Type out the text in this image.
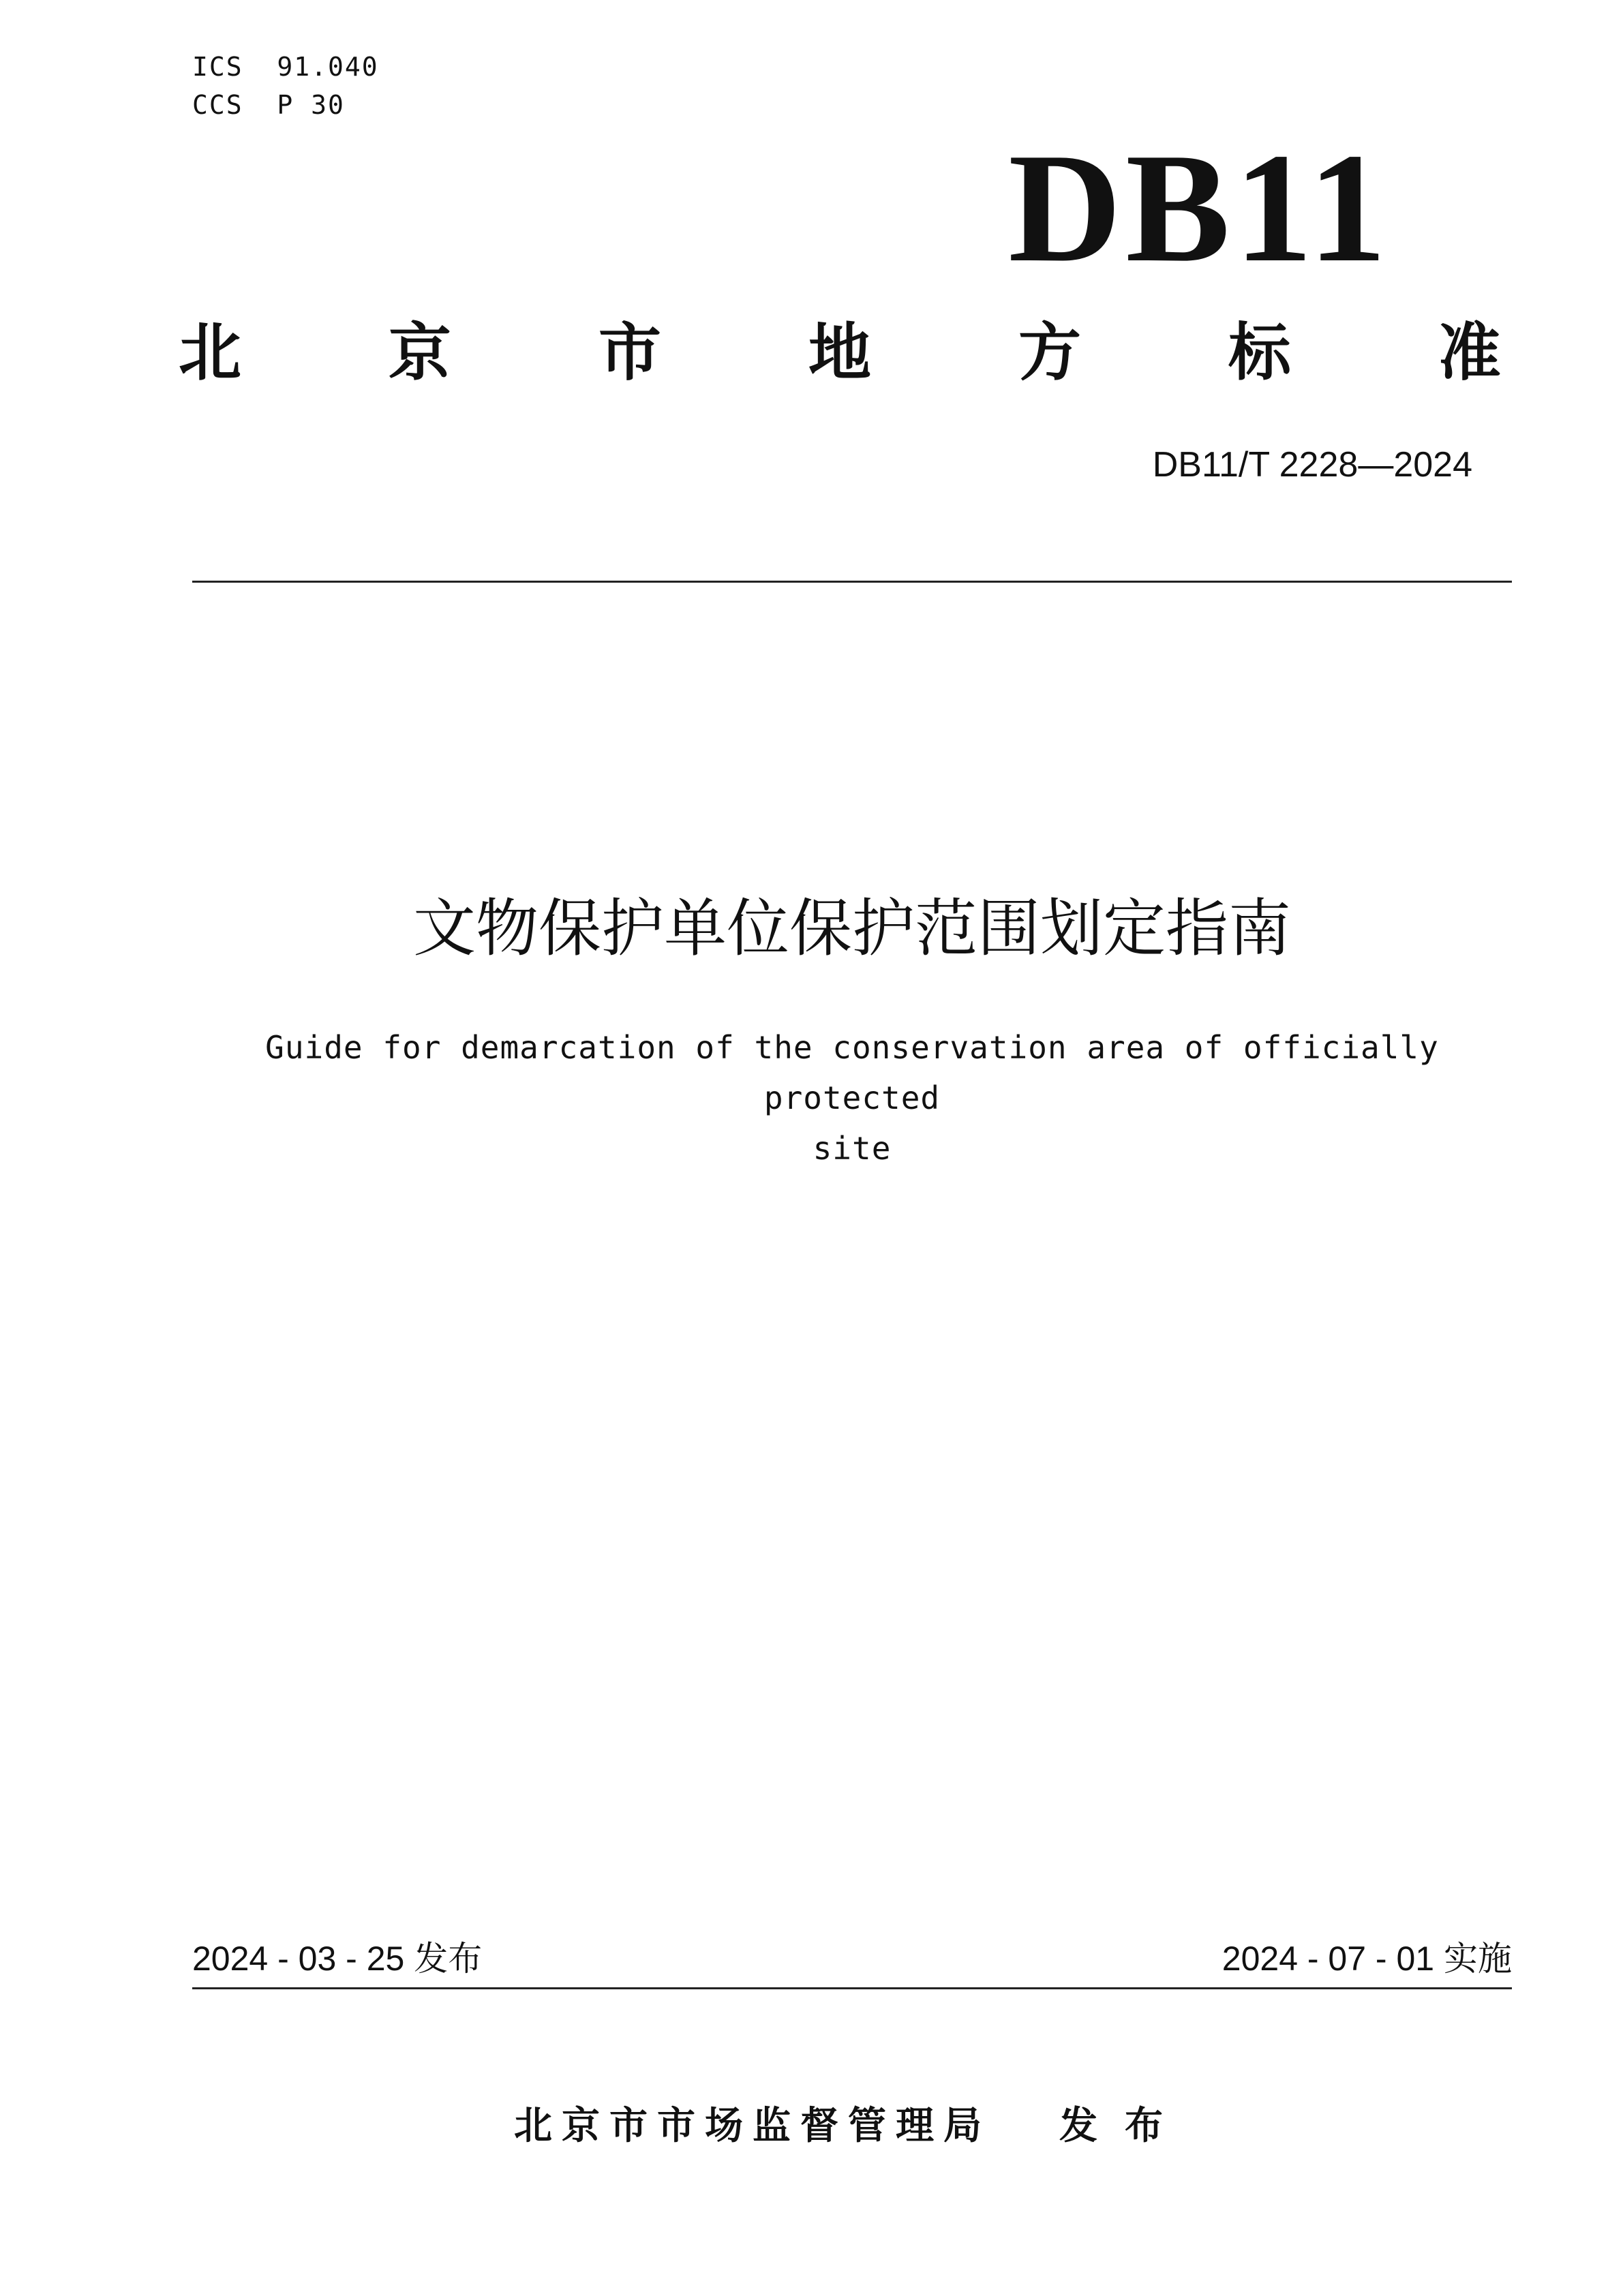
ICS  91.040
CCS  P 30
DB11
北 京 市 地 方 标 准
DB11/T 2228—2024
文物保护单位保护范围划定指南
Guide for demarcation of the conservation area of officially protected
site
2024 - 03 - 25 发布	2024 - 07 - 01 实施
北京市市场监督管理局 发布
